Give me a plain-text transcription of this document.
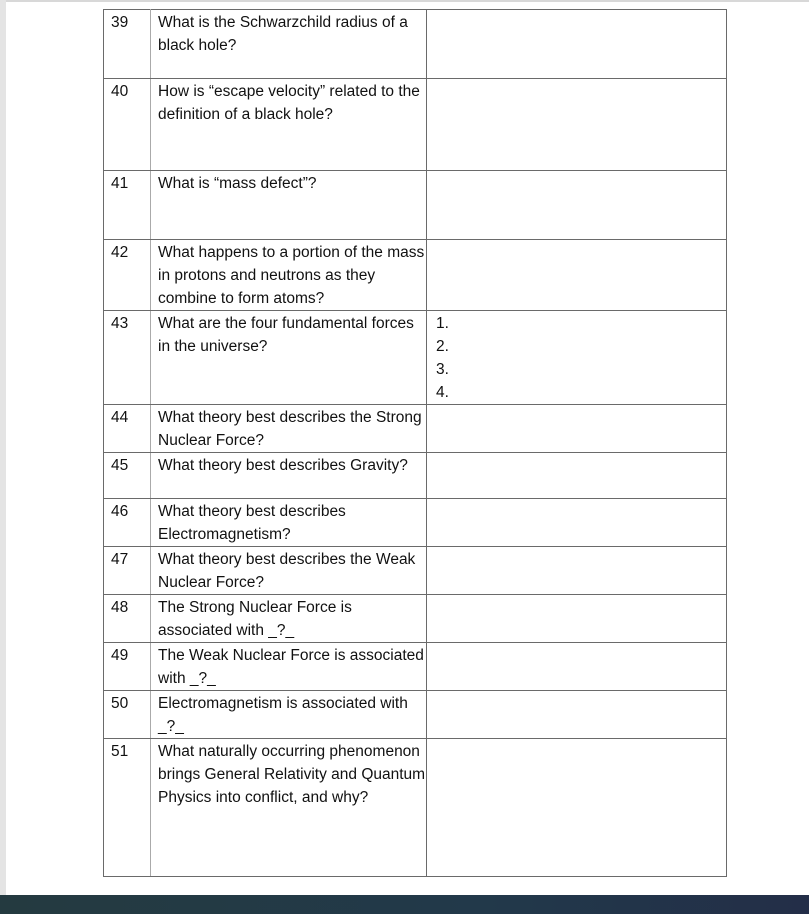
39	What is the Schwarzchild radius of a black hole?	

40	How is “escape velocity” related to the definition of a black hole?	

41	What is “mass defect”?	

42	What happens to a portion of the mass in protons and neutrons as they combine to form atoms?	

43	What are the four fundamental forces in the universe?	1.
2.
3.
4.

44	What theory best describes the Strong Nuclear Force?	

45	What theory best describes Gravity?	

46	What theory best describes Electromagnetism?	

47	What theory best describes the Weak Nuclear Force?	

48	The Strong Nuclear Force is associated with _?_	

49	The Weak Nuclear Force is associated with _?_	

50	Electromagnetism is associated with _?_	

51	What naturally occurring phenomenon brings General Relativity and Quantum Physics into conflict, and why?	
